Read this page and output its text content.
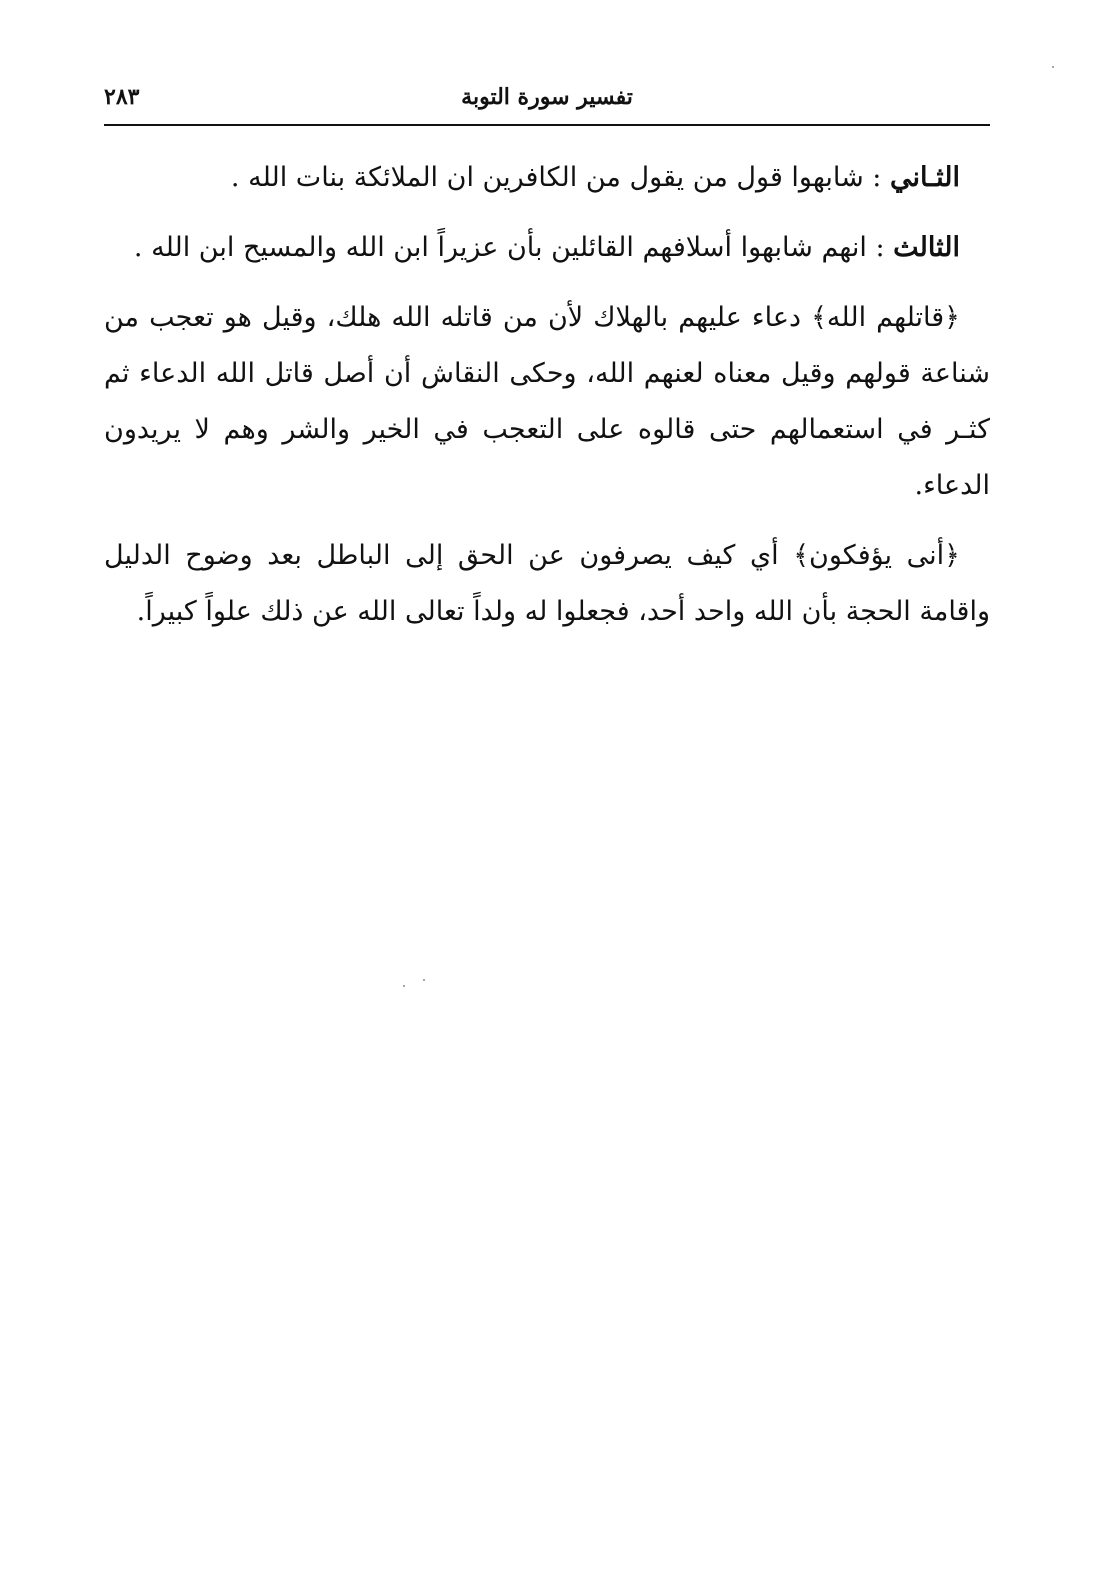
تفسير سورة التوبة
٢٨٣

الثـاني : شابهوا قول من يقول من الكافرين ان الملائكة بنات الله .

الثالث : انهم شابهوا أسلافهم القائلين بأن عزيراً ابن الله والمسيح ابن الله .

﴿قاتلهم الله﴾ دعاء عليهم بالهلاك لأن من قاتله الله هلك، وقيل هو تعجب من شناعة قولهم وقيل معناه لعنهم الله، وحكى النقاش أن أصل قاتل الله الدعاء ثم كثـر في استعمالهم حتى قالوه على التعجب في الخير والشر وهم لا يريدون الدعاء.

﴿أنى يؤفكون﴾ أي كيف يصرفون عن الحق إلى الباطل بعد وضوح الدليل واقامة الحجة بأن الله واحد أحد، فجعلوا له ولداً تعالى الله عن ذلك علواً كبيراً.
